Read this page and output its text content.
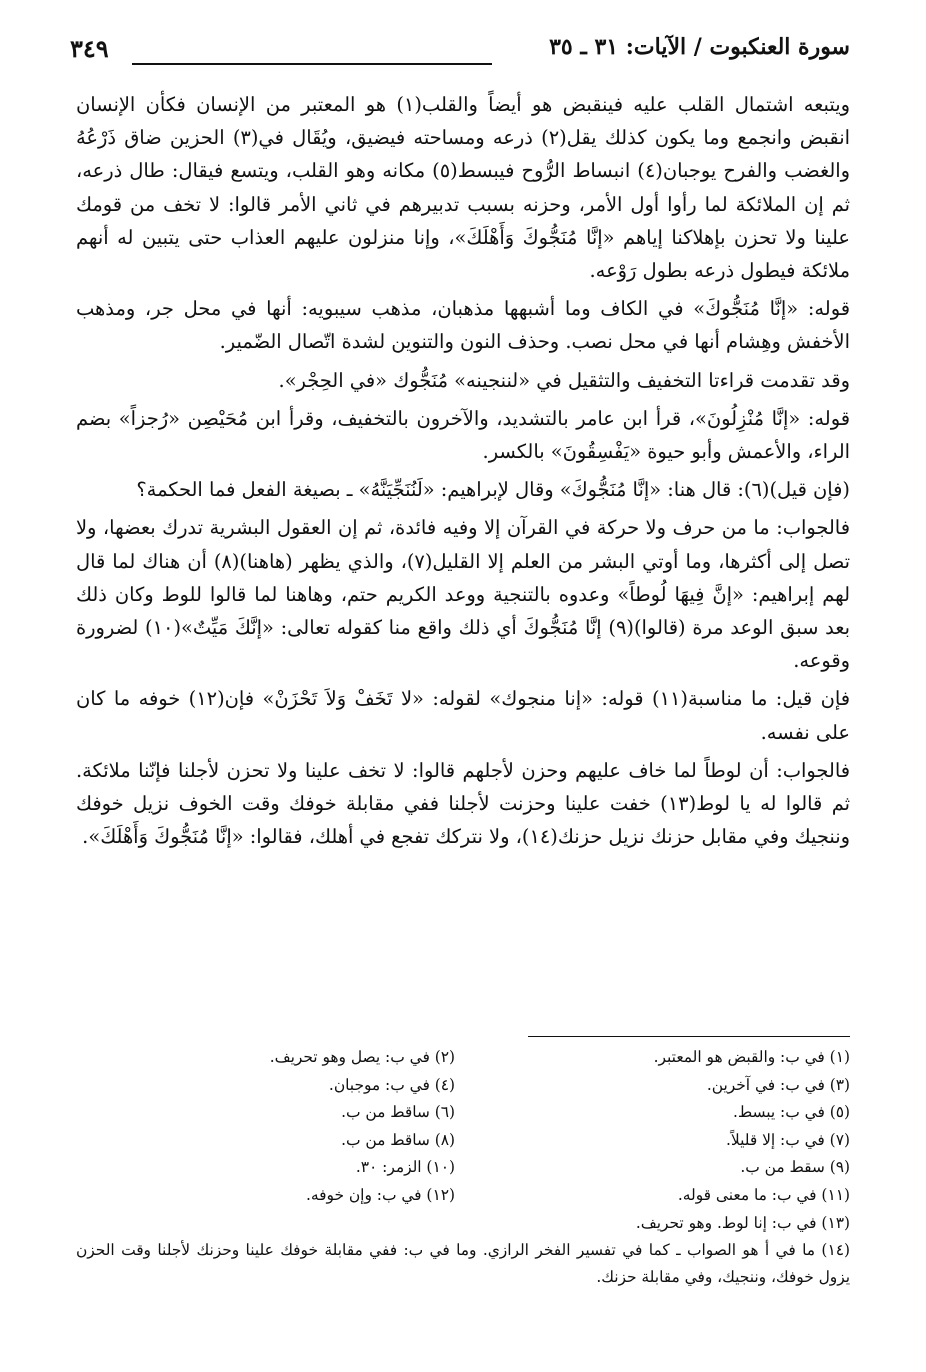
سورة العنكبوت / الآيات: ٣١ ـ ٣٥
٣٤٩

ويتبعه اشتمال القلب عليه فينقبض هو أيضاً والقلب(١) هو المعتبر من الإنسان فكأن الإنسان انقبض وانجمع وما يكون كذلك يقل(٢) ذرعه ومساحته فيضيق، ويُقَال في(٣) الحزين ضاق ذَرْعُهُ والغضب والفرح يوجبان(٤) انبساط الرُّوح فيبسط(٥) مكانه وهو القلب، ويتسع فيقال: طال ذرعه، ثم إن الملائكة لما رأوا أول الأمر، وحزنه بسبب تدبيرهم في ثاني الأمر قالوا: لا تخف من قومك علينا ولا تحزن بإهلاكنا إياهم «إنَّا مُنَجُّوكَ وَأَهْلَكَ»، وإنا منزلون عليهم العذاب حتى يتبين له أنهم ملائكة فيطول ذرعه بطول رَوْعه.

قوله: «إنَّا مُنَجُّوكَ» في الكاف وما أشبهها مذهبان، مذهب سيبويه: أنها في محل جر، ومذهب الأخفش وهِشام أنها في محل نصب. وحذف النون والتنوين لشدة اتّصال الضّمير.

وقد تقدمت قراءتا التخفيف والتثقيل في «لننجينه» مُنَجُّوك «في الحِجْر».

قوله: «إنَّا مُنْزِلُونَ»، قرأ ابن عامر بالتشديد، والآخرون بالتخفيف، وقرأ ابن مُحَيْصِن «رُجزاً» بضم الراء، والأعمش وأبو حيوة «يَفْسِقُونَ» بالكسر.

(فإن قيل)(٦): قال هنا: «إنَّا مُنَجُّوكَ» وقال لإبراهيم: «لَنُنَجِّيَنَّهُ» ـ بصيغة الفعل فما الحكمة؟

فالجواب: ما من حرف ولا حركة في القرآن إلا وفيه فائدة، ثم إن العقول البشرية تدرك بعضها، ولا تصل إلى أكثرها، وما أوتي البشر من العلم إلا القليل(٧)، والذي يظهر (هاهنا)(٨) أن هناك لما قال لهم إبراهيم: «إنَّ فِيهَا لُوطاً» وعدوه بالتنجية ووعد الكريم حتم، وهاهنا لما قالوا للوط وكان ذلك بعد سبق الوعد مرة (قالوا)(٩) إنَّا مُنَجُّوكَ أي ذلك واقع منا كقوله تعالى: «إنَّكَ مَيِّتٌ»(١٠) لضرورة وقوعه.

فإن قيل: ما مناسبة(١١) قوله: «إنا منجوك» لقوله: «لا تَخَفْ وَلاَ تَحْزَنْ» فإن(١٢) خوفه ما كان على نفسه.

فالجواب: أن لوطاً لما خاف عليهم وحزن لأجلهم قالوا: لا تخف علينا ولا تحزن لأجلنا فإنّنا ملائكة. ثم قالوا له يا لوط(١٣) خفت علينا وحزنت لأجلنا ففي مقابلة خوفك وقت الخوف نزيل خوفك وننجيك وفي مقابل حزنك نزيل حزنك(١٤)، ولا نتركك تفجع في أهلك، فقالوا: «إنَّا مُنَجُّوكَ وَأَهْلَكَ».

(١) في ب: والقبض هو المعتبر.
(٢) في ب: يصل وهو تحريف.
(٣) في ب: في آخرين.
(٤) في ب: موجبان.
(٥) في ب: يبسط.
(٦) ساقط من ب.
(٧) في ب: إلا قليلاً.
(٨) ساقط من ب.
(٩) سقط من ب.
(١٠) الزمر: ٣٠.
(١١) في ب: ما معنى قوله.
(١٢) في ب: وإن خوفه.
(١٣) في ب: إنا لوط. وهو تحريف.
(١٤) ما في أ هو الصواب ـ كما في تفسير الفخر الرازي. وما في ب: ففي مقابلة خوفك علينا وحزنك لأجلنا وقت الحزن يزول خوفك، وننجيك، وفي مقابلة حزنك.
